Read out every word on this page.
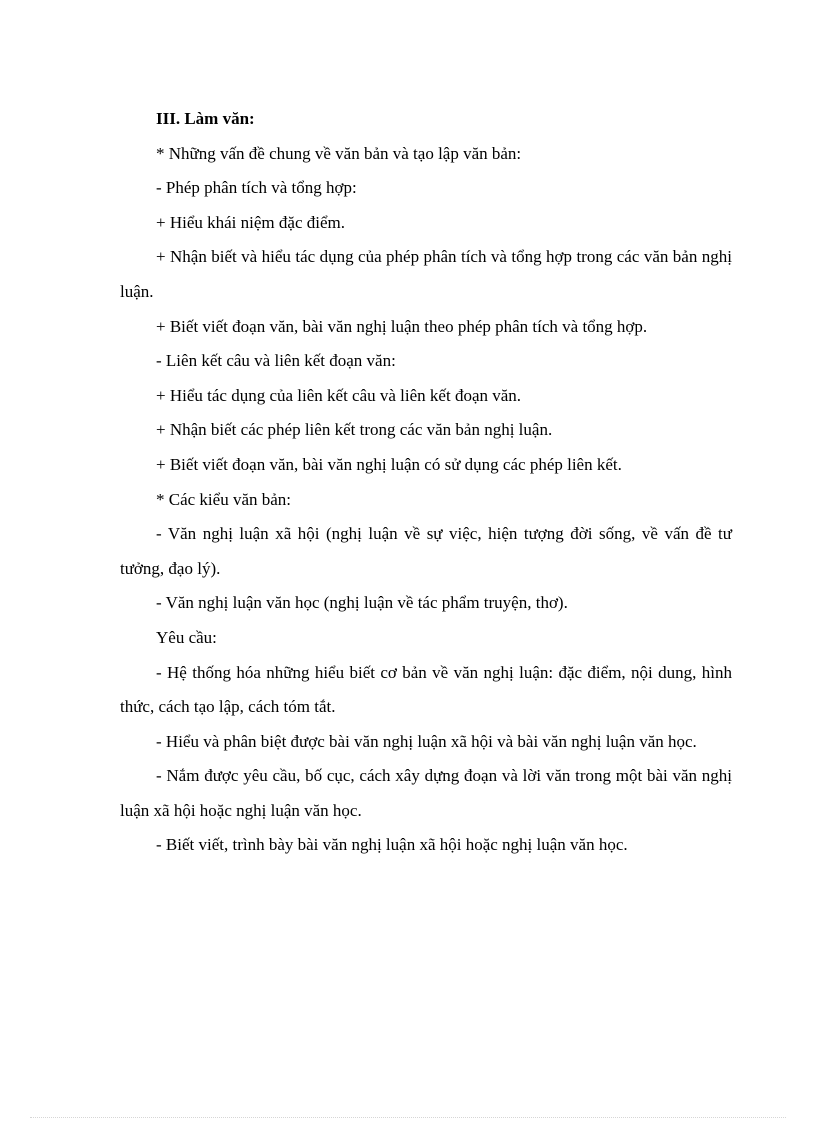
III. Làm văn:

* Những vấn đề chung về văn bản và tạo lập văn bản:

- Phép phân tích và tổng hợp:

+ Hiểu khái niệm đặc điểm.

+ Nhận biết và hiểu tác dụng của phép phân tích và tổng hợp trong các văn bản nghị luận.

+ Biết viết đoạn văn, bài văn nghị luận theo phép phân tích và tổng hợp.

- Liên kết câu và liên kết đoạn văn:

+ Hiểu tác dụng của liên kết câu và liên kết đoạn văn.

+ Nhận biết các phép liên kết trong các văn bản nghị luận.

+ Biết viết đoạn văn, bài văn nghị luận có sử dụng các phép liên kết.

* Các kiểu văn bản:

- Văn nghị luận xã hội (nghị luận về sự việc, hiện tượng đời sống, về vấn đề tư tưởng, đạo lý).

- Văn nghị luận văn học (nghị luận về tác phẩm truyện, thơ).

Yêu cầu:

- Hệ thống hóa những hiểu biết cơ bản về văn nghị luận: đặc điểm, nội dung, hình thức, cách tạo lập, cách tóm tắt.

- Hiểu và phân biệt được bài văn nghị luận xã hội và bài văn nghị luận văn học.

- Nắm được yêu cầu, bố cục, cách xây dựng đoạn và lời văn trong một bài văn nghị luận xã hội hoặc nghị luận văn học.

- Biết viết, trình bày bài văn nghị luận xã hội hoặc nghị luận văn học.
